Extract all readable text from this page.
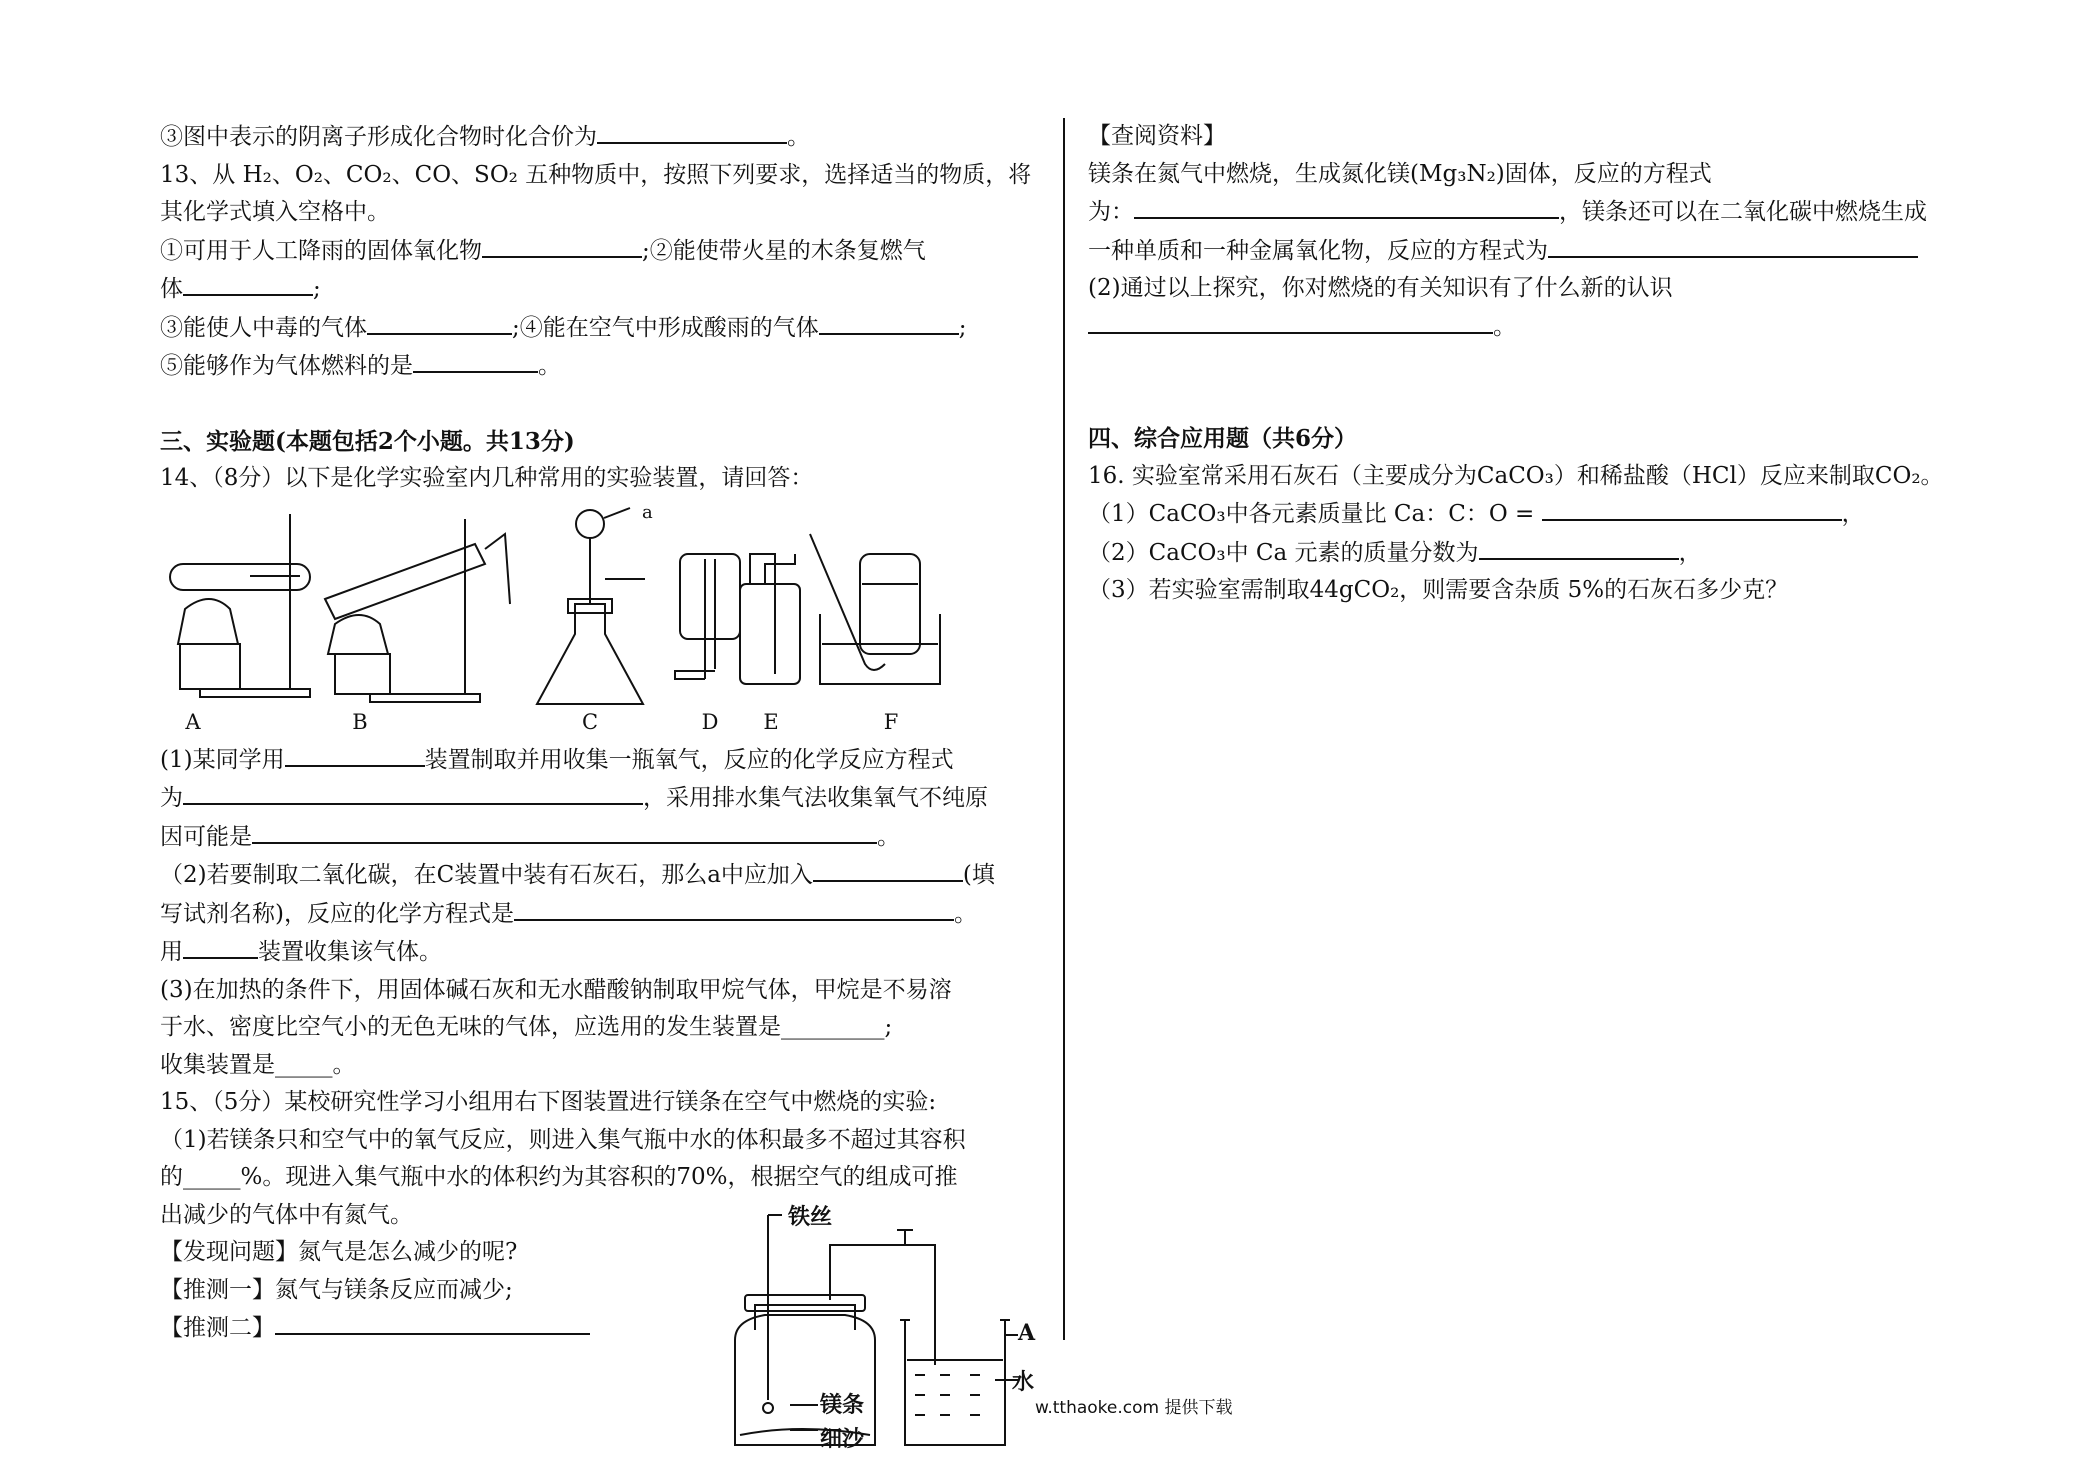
③图中表示的阴离子形成化合物时化合价为	。
13、从 H₂、O₂、CO₂、CO、SO₂ 五种物质中，按照下列要求，选择适当的物质，将
其化学式填入空格中。
①可用于人工降雨的固体氧化物	;②能使带火星的木条复燃气
体	;
③能使人中毒的气体	;④能在空气中形成酸雨的气体	;
⑤能够作为气体燃料的是	。
三、实验题(本题包括2个小题。共13分)
14、（8分）以下是化学实验室内几种常用的实验装置，请回答：
A	B	C	D	E	F
a
(1)某同学用	装置制取并用收集一瓶氧气，反应的化学反应方程式
为	，采用排水集气法收集氧气不纯原
因可能是	。
（2)若要制取二氧化碳，在C装置中装有石灰石，那么a中应加入	(填
写试剂名称)，反应的化学方程式是	。
用	装置收集该气体。
(3)在加热的条件下，用固体碱石灰和无水醋酸钠制取甲烷气体，甲烷是不易溶
于水、密度比空气小的无色无味的气体，应选用的发生装置是_________;
收集装置是_____。
15、（5分）某校研究性学习小组用右下图装置进行镁条在空气中燃烧的实验:
（1)若镁条只和空气中的氧气反应，则进入集气瓶中水的体积最多不超过其容积
的_____%。现进入集气瓶中水的体积约为其容积的70%，根据空气的组成可推
出减少的气体中有氮气。
【发现问题】氮气是怎么减少的呢?
【推测一】氮气与镁条反应而减少;
【推测二】
铁丝
镁条
细沙
水
A
【查阅资料】
镁条在氮气中燃烧，生成氮化镁(Mg₃N₂)固体，反应的方程式
为：	，镁条还可以在二氧化碳中燃烧生成
一种单质和一种金属氧化物，反应的方程式为
(2)通过以上探究，你对燃烧的有关知识有了什么新的认识
。
四、综合应用题（共6分）
16. 实验室常采用石灰石（主要成分为CaCO₃）和稀盐酸（HCl）反应来制取CO₂。
（1）CaCO₃中各元素质量比 Ca：C：O =	，
（2）CaCO₃中 Ca 元素的质量分数为	，
（3）若实验室需制取44gCO₂，则需要含杂质 5%的石灰石多少克？
w.tthaoke.com 提供下载
